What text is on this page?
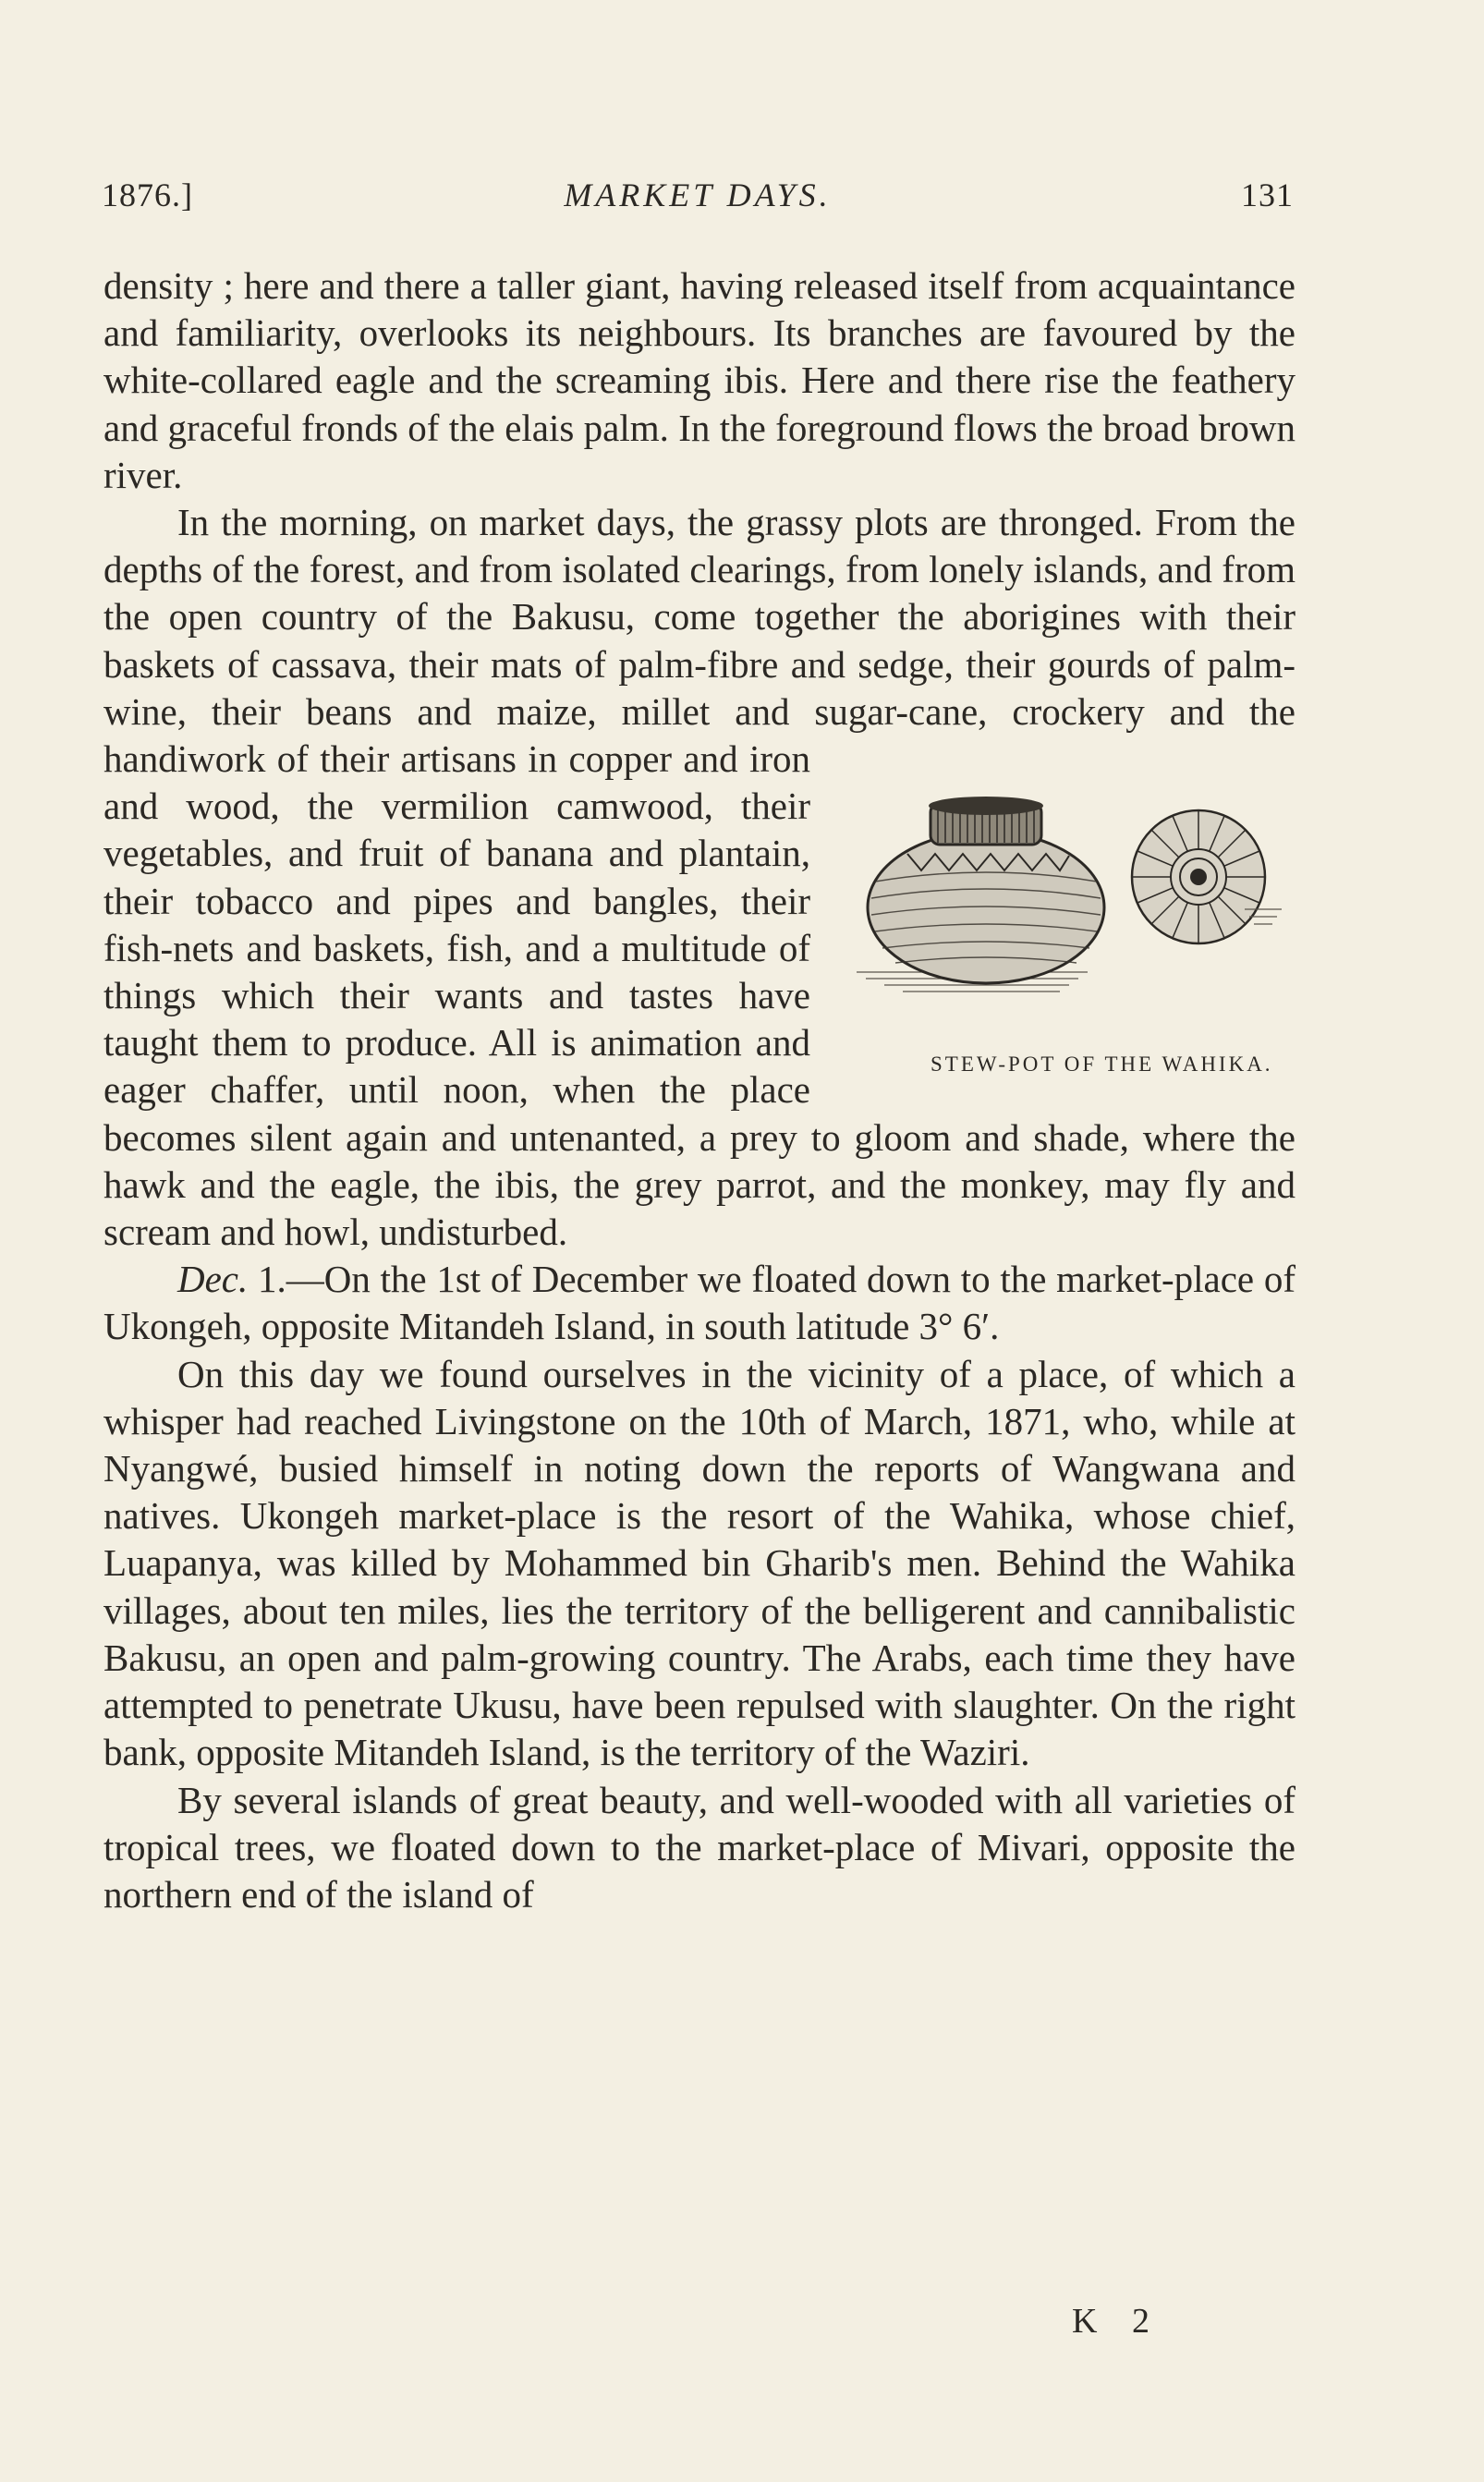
1876.]	MARKET DAYS.	131

density ; here and there a taller giant, having released itself from acquaintance and familiarity, overlooks its neighbours. Its branches are favoured by the white-collared eagle and the screaming ibis. Here and there rise the feathery and graceful fronds of the elais palm. In the foreground flows the broad brown river.

In the morning, on market days, the grassy plots are thronged. From the depths of the forest, and from isolated clearings, from lonely islands, and from the open country of the Bakusu, come together the aborigines with their baskets of cassava, their mats of palm-fibre and sedge, their gourds of palm-wine, their beans and maize, millet and sugar-cane,
STEW-POT OF THE WAHIKA.
crockery and the handiwork of their artisans in copper and iron and wood, the vermilion camwood, their vegetables, and fruit of banana and plantain, their tobacco and pipes and bangles, their fish-nets and baskets, fish, and a multitude of things which their wants and tastes have taught them to produce. All is animation and eager chaffer, until noon, when the place becomes silent again and untenanted, a prey to gloom and shade, where the hawk and the eagle, the ibis, the grey parrot, and the monkey, may fly and scream and howl, undisturbed.

Dec. 1.—On the 1st of December we floated down to the market-place of Ukongeh, opposite Mitandeh Island, in south latitude 3° 6′.

On this day we found ourselves in the vicinity of a place, of which a whisper had reached Livingstone on the 10th of March, 1871, who, while at Nyangwé, busied himself in noting down the reports of Wangwana and natives. Ukongeh market-place is the resort of the Wahika, whose chief, Luapanya, was killed by Mohammed bin Gharib's men. Behind the Wahika villages, about ten miles, lies the territory of the belligerent and cannibalistic Bakusu, an open and palm-growing country. The Arabs, each time they have attempted to penetrate Ukusu, have been repulsed with slaughter. On the right bank, opposite Mitandeh Island, is the territory of the Waziri.

By several islands of great beauty, and well-wooded with all varieties of tropical trees, we floated down to the market-place of Mivari, opposite the northern end of the island of

K 2
